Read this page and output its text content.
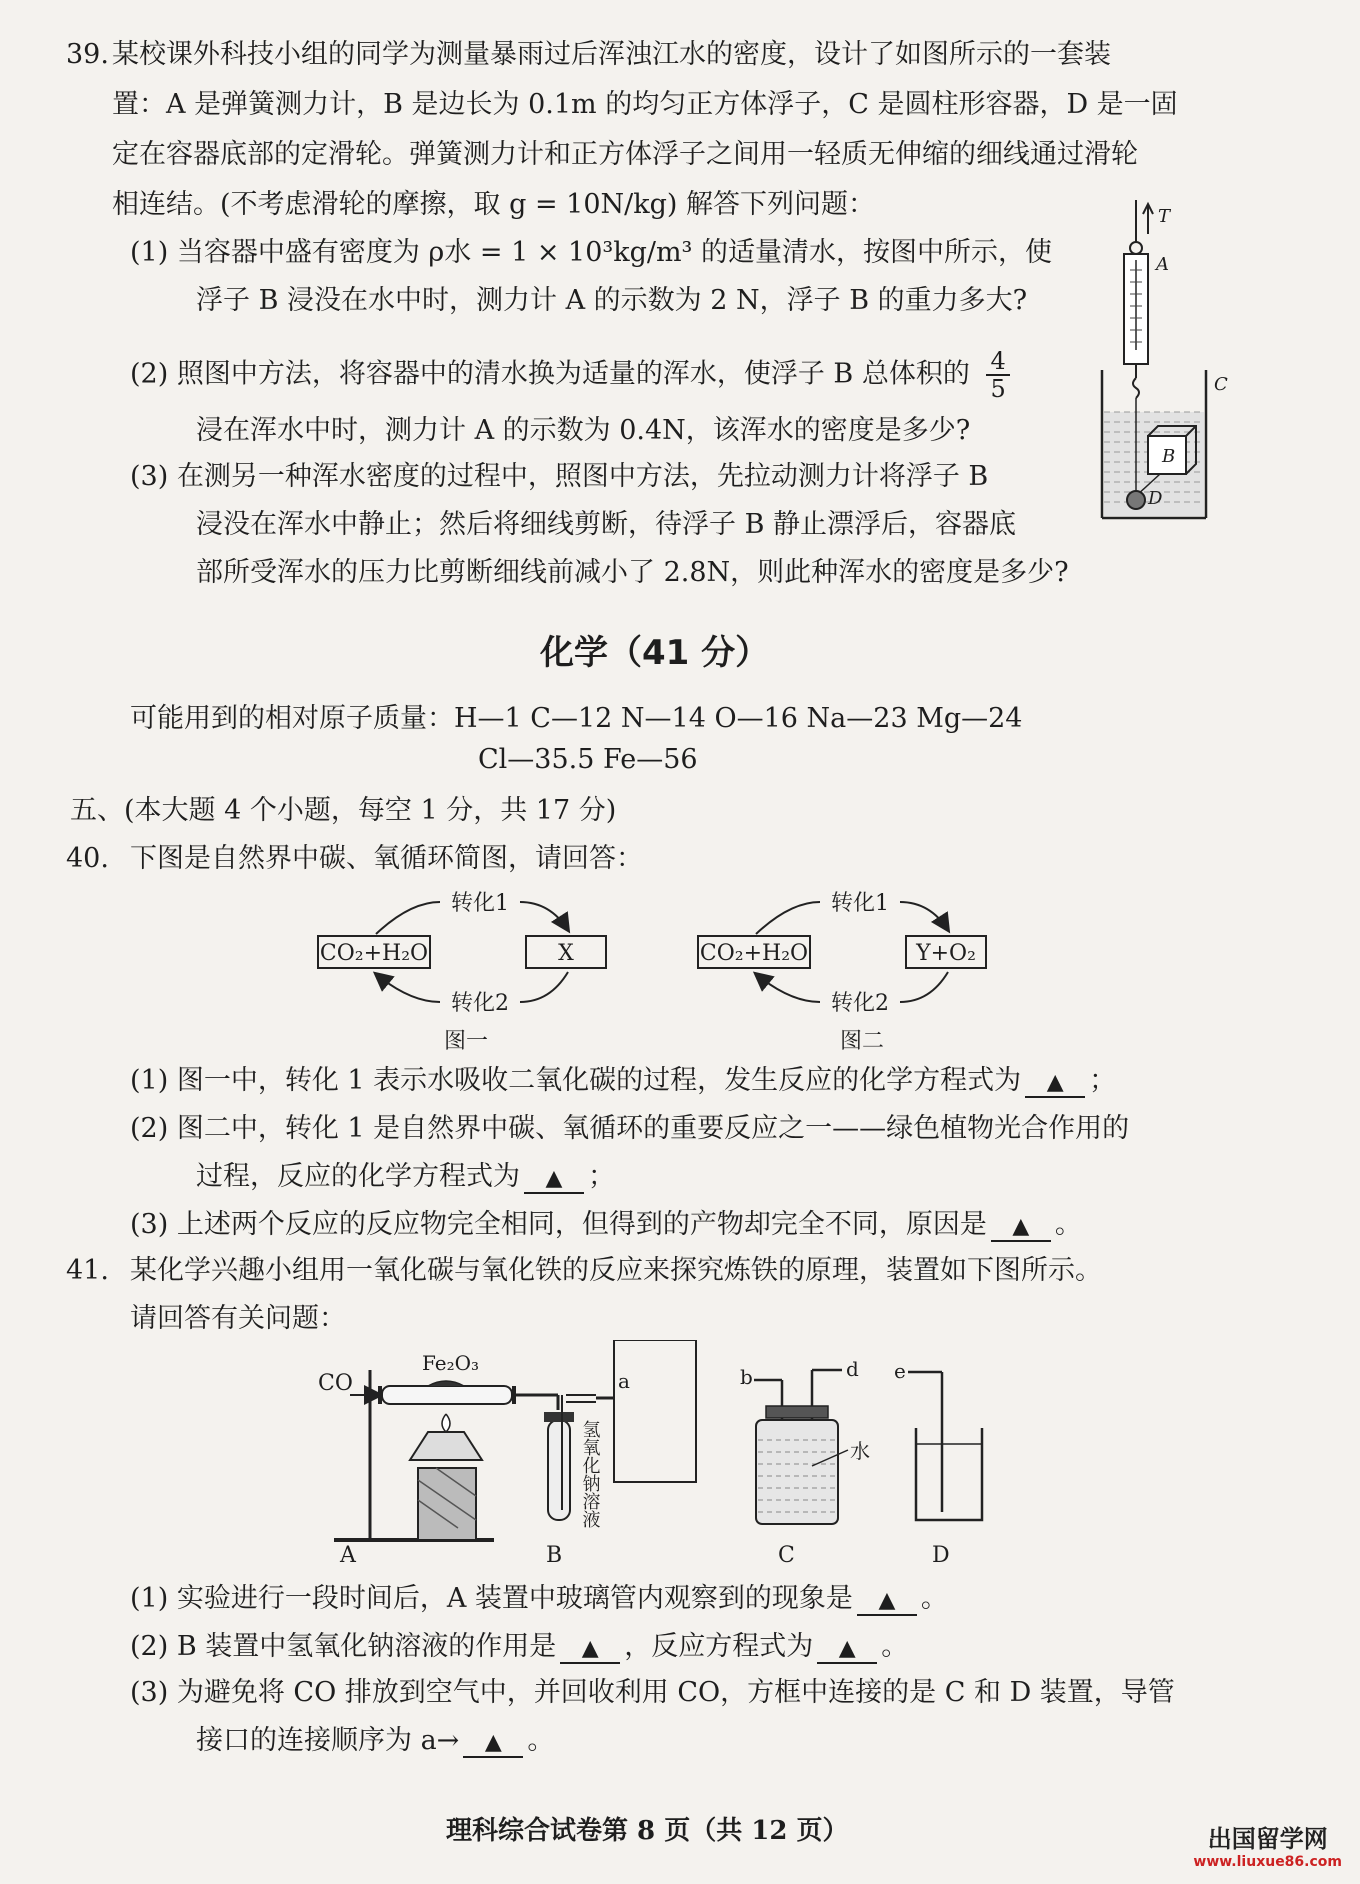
39. 某校课外科技小组的同学为测量暴雨过后浑浊江水的密度，设计了如图所示的一套装
置：A 是弹簧测力计，B 是边长为 0.1m 的均匀正方体浮子，C 是圆柱形容器，D 是一固
定在容器底部的定滑轮。弹簧测力计和正方体浮子之间用一轻质无伸缩的细线通过滑轮
相连结。(不考虑滑轮的摩擦，取 g = 10N/kg) 解答下列问题：
(1) 当容器中盛有密度为 ρ水 = 1 × 10³kg/m³ 的适量清水，按图中所示，使
浮子 B 浸没在水中时，测力计 A 的示数为 2 N，浮子 B 的重力多大?
(2) 照图中方法，将容器中的清水换为适量的浑水，使浮子 B 总体积的 $\frac{4}{5}$
浸在浑水中时，测力计 A 的示数为 0.4N，该浑水的密度是多少?
(3) 在测另一种浑水密度的过程中，照图中方法，先拉动测力计将浮子 B
浸没在浑水中静止；然后将细线剪断，待浮子 B 静止漂浮后，容器底
部所受浑水的压力比剪断细线前减小了 2.8N，则此种浑水的密度是多少?
T
A
C
B
D
化学（41 分）
可能用到的相对原子质量：H—1 C—12 N—14 O—16 Na—23 Mg—24
Cl—35.5 Fe—56
五、(本大题 4 个小题，每空 1 分，共 17 分)
40. 下图是自然界中碳、氧循环简图，请回答：
CO₂+H₂O	X
转化1
转化2
图一
CO₂+H₂O	Y+O₂
转化1
转化2
图二
(1) 图一中，转化 1 表示水吸收二氧化碳的过程，发生反应的化学方程式为 ▲ ；
(2) 图二中，转化 1 是自然界中碳、氧循环的重要反应之一——绿色植物光合作用的
过程，反应的化学方程式为 ▲ ；
(3) 上述两个反应的反应物完全相同，但得到的产物却完全不同，原因是 ▲ 。
41. 某化学兴趣小组用一氧化碳与氧化铁的反应来探究炼铁的原理，装置如下图所示。
请回答有关问题：
CO
Fe₂O₃
A
氢氧化钠溶液
B
a	b	d
水
C
e
D
(1) 实验进行一段时间后，A 装置中玻璃管内观察到的现象是 ▲ 。
(2) B 装置中氢氧化钠溶液的作用是 ▲ ，反应方程式为 ▲ 。
(3) 为避免将 CO 排放到空气中，并回收利用 CO，方框中连接的是 C 和 D 装置，导管
接口的连接顺序为 a→ ▲ 。
理科综合试卷第 8 页（共 12 页）	出国留学网
www.liuxue86.com
